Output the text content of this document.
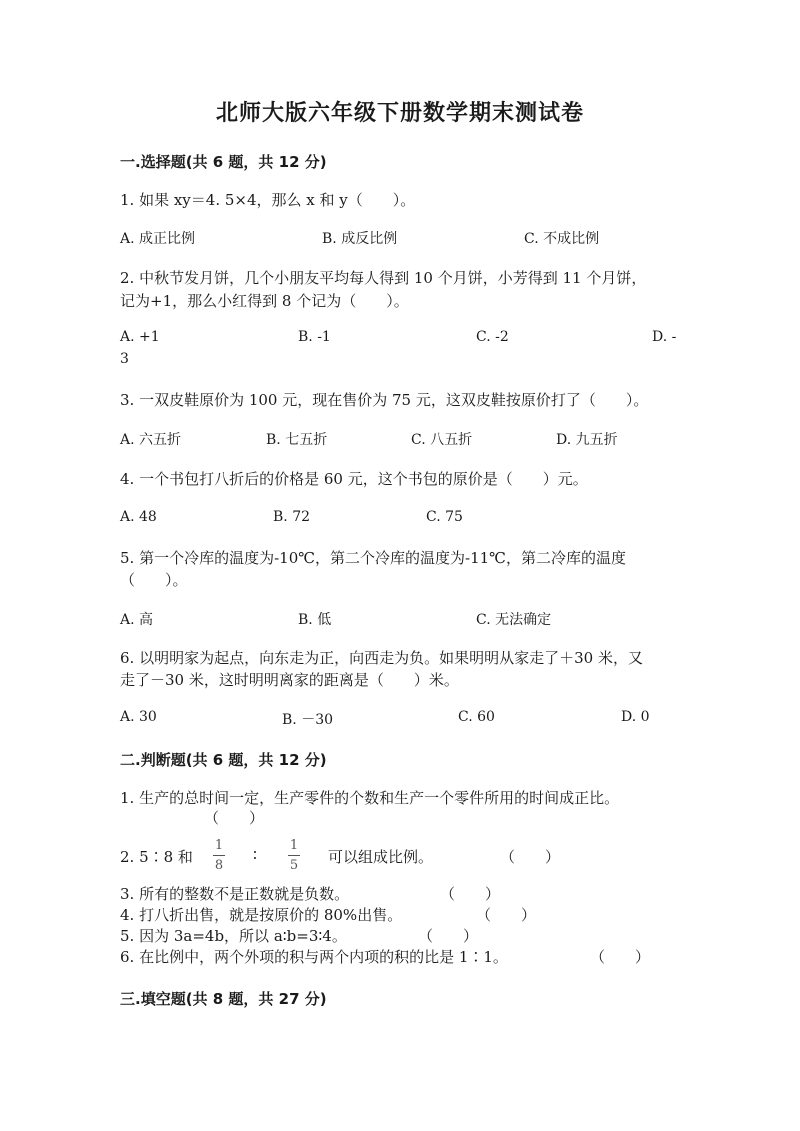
北师大版六年级下册数学期末测试卷
一.选择题(共 6 题，共 12 分)
1. 如果 xy＝4. 5×4，那么 x 和 y（　　）。
A. 成正比例	B. 成反比例	C. 不成比例
2. 中秋节发月饼，几个小朋友平均每人得到 10 个月饼，小芳得到 11 个月饼，
记为+1，那么小红得到 8 个记为（　　）。
A. +1	B. -1	C. -2	D. -
3
3. 一双皮鞋原价为 100 元，现在售价为 75 元，这双皮鞋按原价打了（　　）。
A. 六五折	B. 七五折	C. 八五折	D. 九五折
4. 一个书包打八折后的价格是 60 元，这个书包的原价是（　　）元。
A. 48	B. 72	C. 75
5. 第一个冷库的温度为-10℃，第二个冷库的温度为-11℃，第二冷库的温度
（　　）。
A. 高	B. 低	C. 无法确定
6. 以明明家为起点，向东走为正，向西走为负。如果明明从家走了＋30 米，又
走了－30 米，这时明明离家的距离是（　　）米。
A. 30	B. －30	C. 60	D. 0
二.判断题(共 6 题，共 12 分)
1. 生产的总时间一定，生产零件的个数和生产一个零件所用的时间成正比。
（　　）
2. 5∶8 和
1
8
∶
1
5 可以组成比例。	（　　）
3. 所有的整数不是正数就是负数。	（　　）
4. 打八折出售，就是按原价的 80%出售。	（　　）
5. 因为 3a=4b，所以 a∶b=3∶4。	（　　）
6. 在比例中，两个外项的积与两个内项的积的比是 1∶1。	（　　）
三.填空题(共 8 题，共 27 分)
